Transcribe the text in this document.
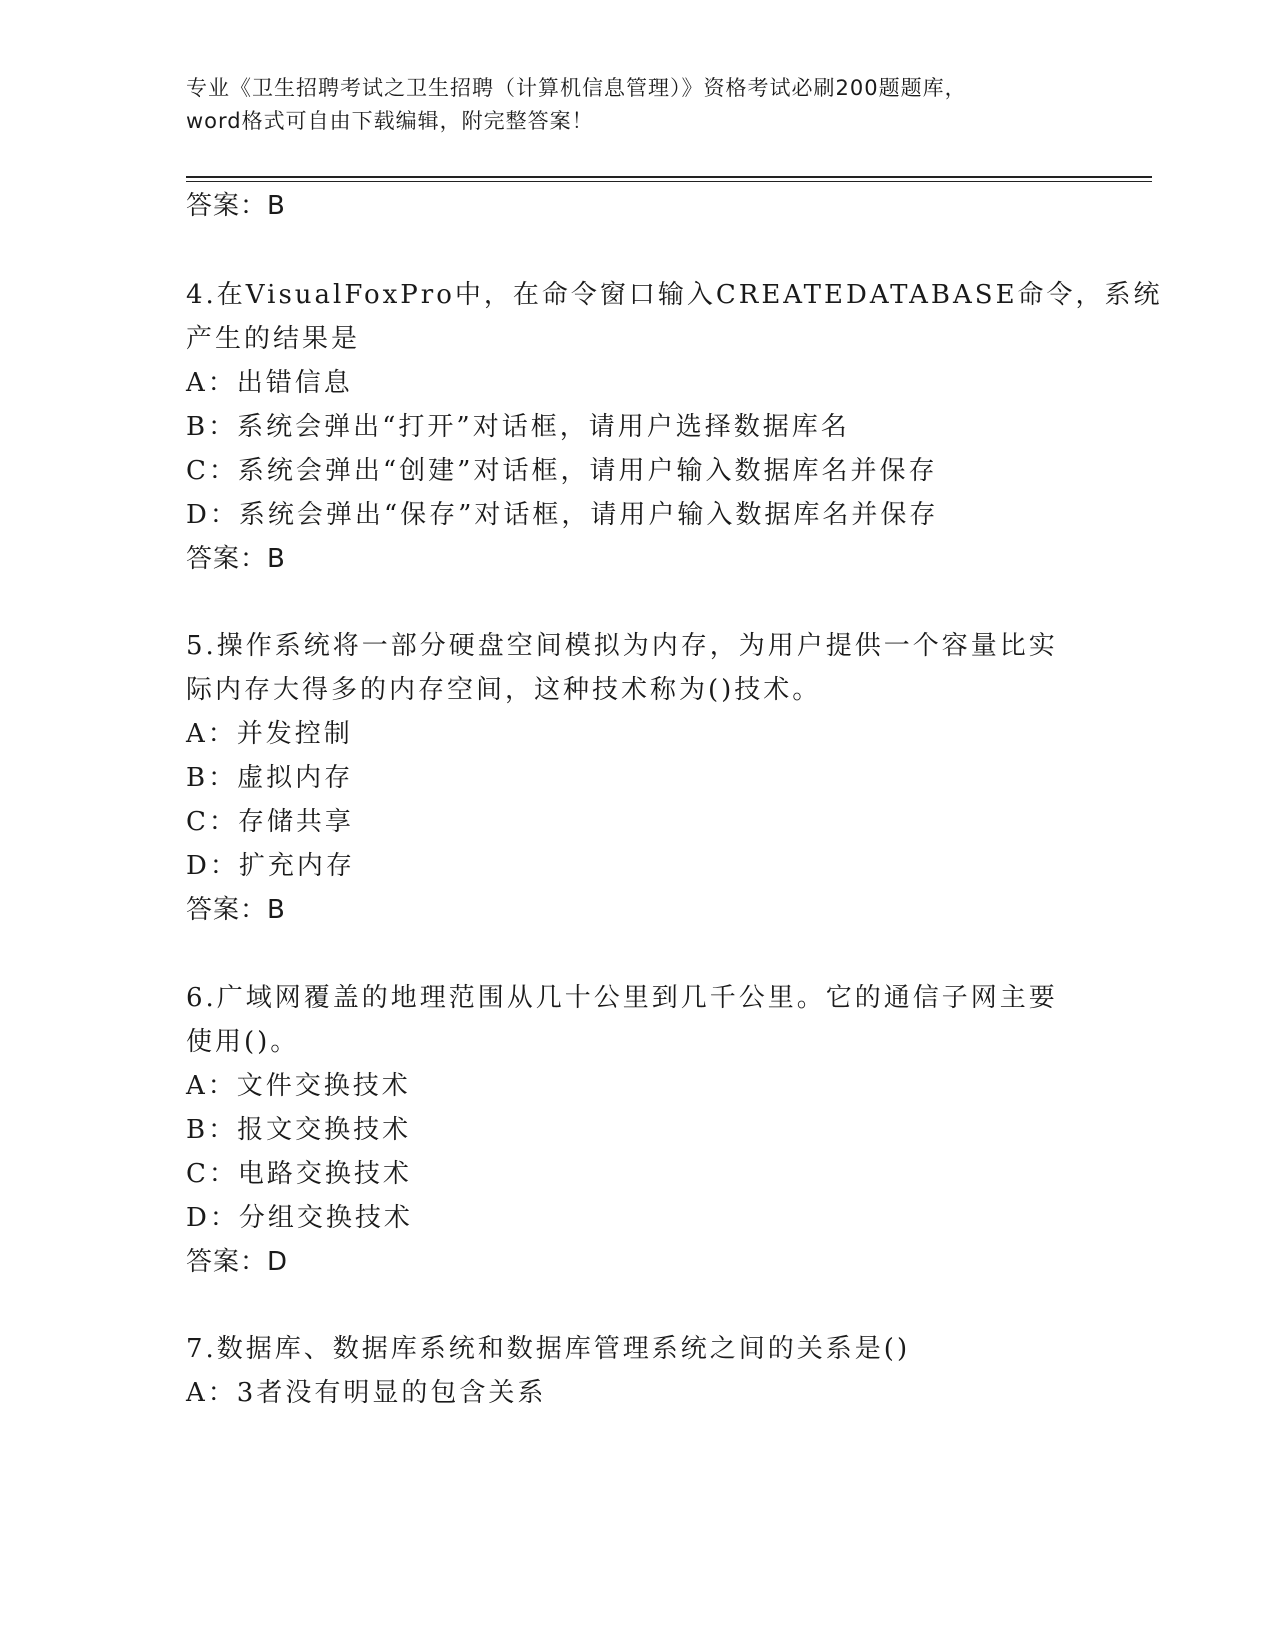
专业《卫生招聘考试之卫生招聘（计算机信息管理）》资格考试必刷200题题库，
word格式可自由下载编辑，附完整答案！
答案：B
4.在VisualFoxPro中，在命令窗口输入CREATEDATABASE命令，系统
产生的结果是
A：出错信息
B：系统会弹出“打开”对话框，请用户选择数据库名
C：系统会弹出“创建”对话框，请用户输入数据库名并保存
D：系统会弹出“保存”对话框，请用户输入数据库名并保存
答案：B
5.操作系统将一部分硬盘空间模拟为内存，为用户提供一个容量比实
际内存大得多的内存空间，这种技术称为()技术。
A：并发控制
B：虚拟内存
C：存储共享
D：扩充内存
答案：B
6.广域网覆盖的地理范围从几十公里到几千公里。它的通信子网主要
使用()。
A：文件交换技术
B：报文交换技术
C：电路交换技术
D：分组交换技术
答案：D
7.数据库、数据库系统和数据库管理系统之间的关系是()
A：3者没有明显的包含关系
